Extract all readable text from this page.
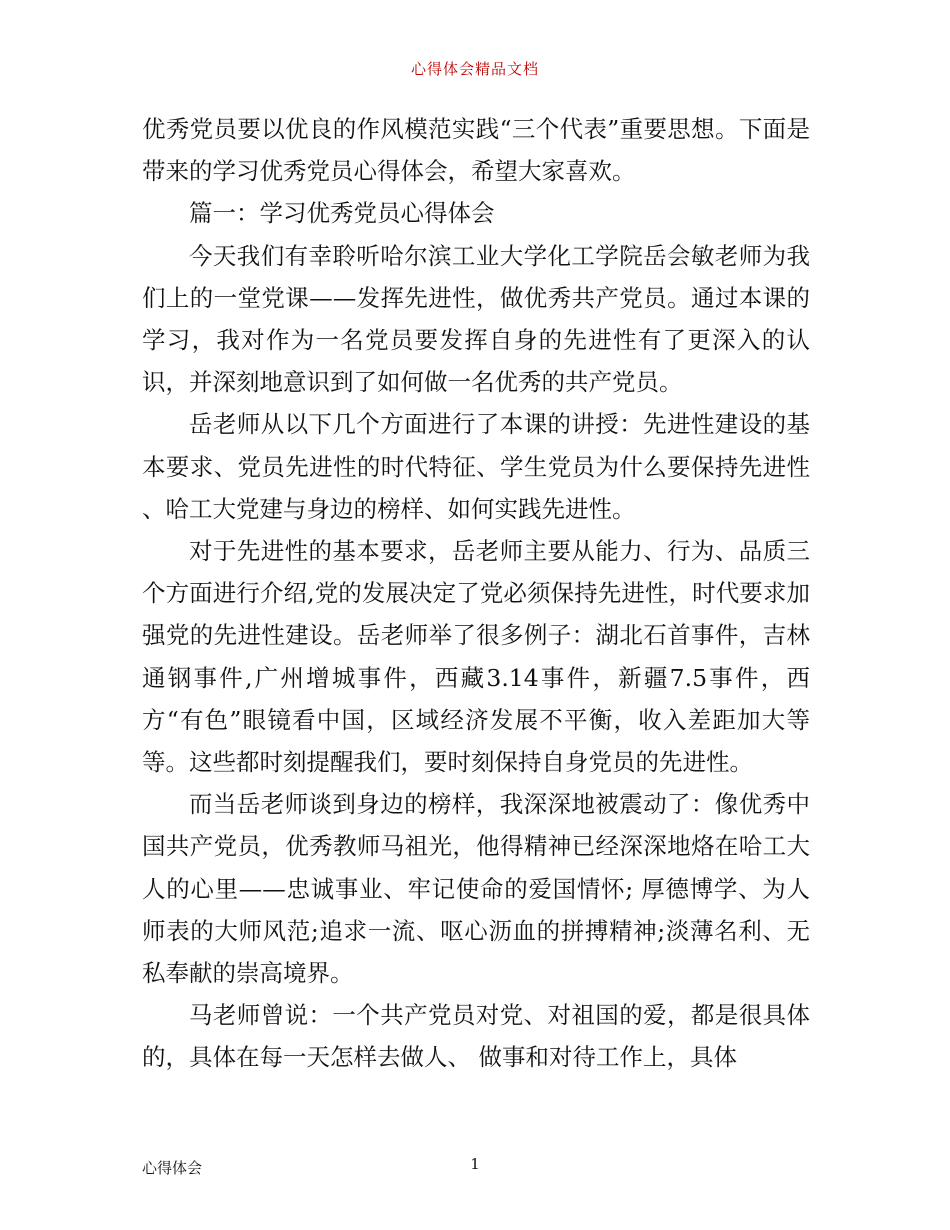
心得体会精品文档

优秀党员要以优良的作风模范实践“三个代表”重要思想。下面是带来的学习优秀党员心得体会，希望大家喜欢。

篇一：学习优秀党员心得体会

今天我们有幸聆听哈尔滨工业大学化工学院岳会敏老师为我们上的一堂党课——发挥先进性，做优秀共产党员。通过本课的学习，我对作为一名党员要发挥自身的先进性有了更深入的认识，并深刻地意识到了如何做一名优秀的共产党员。

岳老师从以下几个方面进行了本课的讲授：先进性建设的基本要求、党员先进性的时代特征、学生党员为什么要保持先进性 、哈工大党建与身边的榜样、如何实践先进性。

对于先进性的基本要求，岳老师主要从能力、行为、品质三个方面进行介绍,党的发展决定了党必须保持先进性，时代要求加强党的先进性建设。岳老师举了很多例子：湖北石首事件，吉林通钢事件,广州增城事件，西藏3.14事件，新疆7.5事件，西方“有色”眼镜看中国，区域经济发展不平衡，收入差距加大等等。这些都时刻提醒我们，要时刻保持自身党员的先进性。

而当岳老师谈到身边的榜样，我深深地被震动了：像优秀中国共产党员，优秀教师马祖光，他得精神已经深深地烙在哈工大人的心里——忠诚事业、牢记使命的爱国情怀; 厚德博学、为人师表的大师风范;追求一流、呕心沥血的拼搏精神;淡薄名利、无私奉献的崇高境界。

马老师曾说：一个共产党员对党、对祖国的爱，都是很具体的，具体在每一天怎样去做人、 做事和对待工作上，具体

心得体会	1
